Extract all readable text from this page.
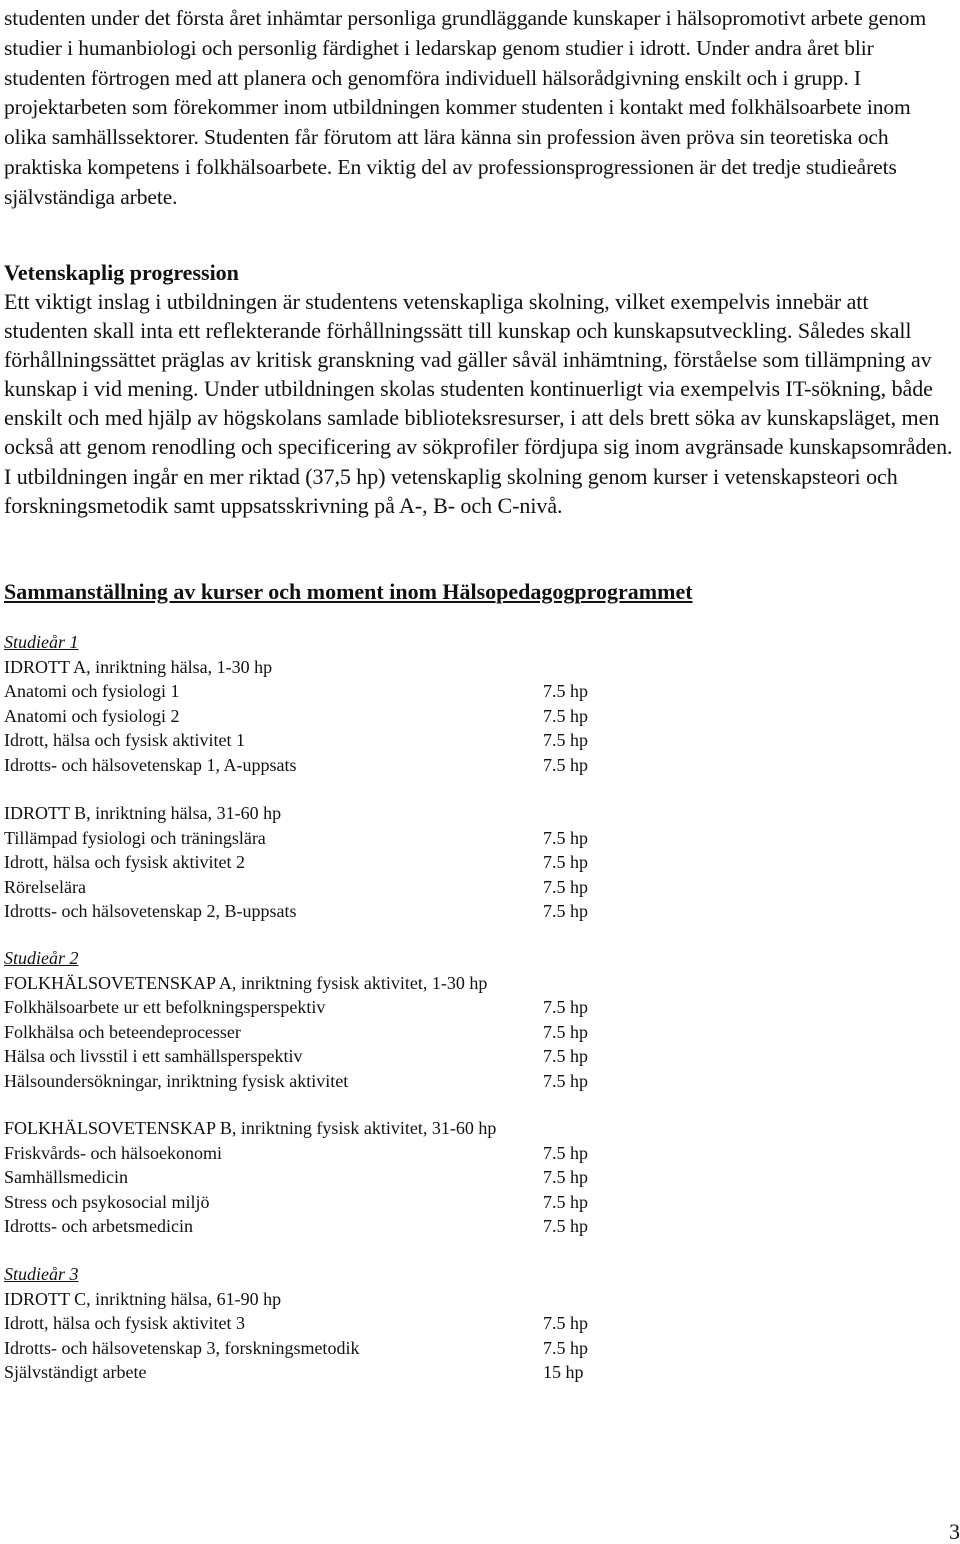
studenten under det första året inhämtar personliga grundläggande kunskaper i hälsopromotivt arbete genom studier i humanbiologi och personlig färdighet i ledarskap genom studier i idrott. Under andra året blir studenten förtrogen med att planera och genomföra individuell hälsorådgivning enskilt och i grupp. I projektarbeten som förekommer inom utbildningen kommer studenten i kontakt med folkhälsoarbete inom olika samhällssektorer. Studenten får förutom att lära känna sin profession även pröva sin teoretiska och praktiska kompetens i folkhälsoarbete. En viktig del av professionsprogressionen är det tredje studieårets självständiga arbete.

Vetenskaplig progression

Ett viktigt inslag i utbildningen är studentens vetenskapliga skolning, vilket exempelvis innebär att studenten skall inta ett reflekterande förhållningssätt till kunskap och kunskapsutveckling. Således skall förhållningssättet präglas av kritisk granskning vad gäller såväl inhämtning, förståelse som tillämpning av kunskap i vid mening. Under utbildningen skolas studenten kontinuerligt via exempelvis IT-sökning, både enskilt och med hjälp av högskolans samlade biblioteksresurser, i att dels brett söka av kunskapsläget, men också att genom renodling och specificering av sökprofiler fördjupa sig inom avgränsade kunskapsområden. I utbildningen ingår en mer riktad (37,5 hp) vetenskaplig skolning genom kurser i vetenskapsteori och forskningsmetodik samt uppsatsskrivning på A-, B- och C-nivå.

Sammanställning av kurser och moment inom Hälsopedagogprogrammet
Studieår 1
IDROTT A, inriktning hälsa, 1-30 hp
Anatomi och fysiologi 1	7.5 hp
Anatomi och fysiologi 2	7.5 hp
Idrott, hälsa och fysisk aktivitet 1	7.5 hp
Idrotts- och hälsovetenskap 1, A-uppsats	7.5 hp
IDROTT B, inriktning hälsa, 31-60 hp
Tillämpad fysiologi och träningslära	7.5 hp
Idrott, hälsa och fysisk aktivitet 2	7.5 hp
Rörelselära	7.5 hp
Idrotts- och hälsovetenskap 2, B-uppsats	7.5 hp
Studieår 2
FOLKHÄLSOVETENSKAP A, inriktning fysisk aktivitet, 1-30 hp
Folkhälsoarbete ur ett befolkningsperspektiv	7.5 hp
Folkhälsa och beteendeprocesser	7.5 hp
Hälsa och livsstil i ett samhällsperspektiv	7.5 hp
Hälsoundersökningar, inriktning fysisk aktivitet	7.5 hp
FOLKHÄLSOVETENSKAP B, inriktning fysisk aktivitet, 31-60 hp
Friskvårds- och hälsoekonomi	7.5 hp
Samhällsmedicin	7.5 hp
Stress och psykosocial miljö	7.5 hp
Idrotts- och arbetsmedicin	7.5 hp
Studieår 3
IDROTT C, inriktning hälsa, 61-90 hp
Idrott, hälsa och fysisk aktivitet 3	7.5 hp
Idrotts- och hälsovetenskap 3, forskningsmetodik	7.5 hp
Självständigt arbete	15 hp
3
